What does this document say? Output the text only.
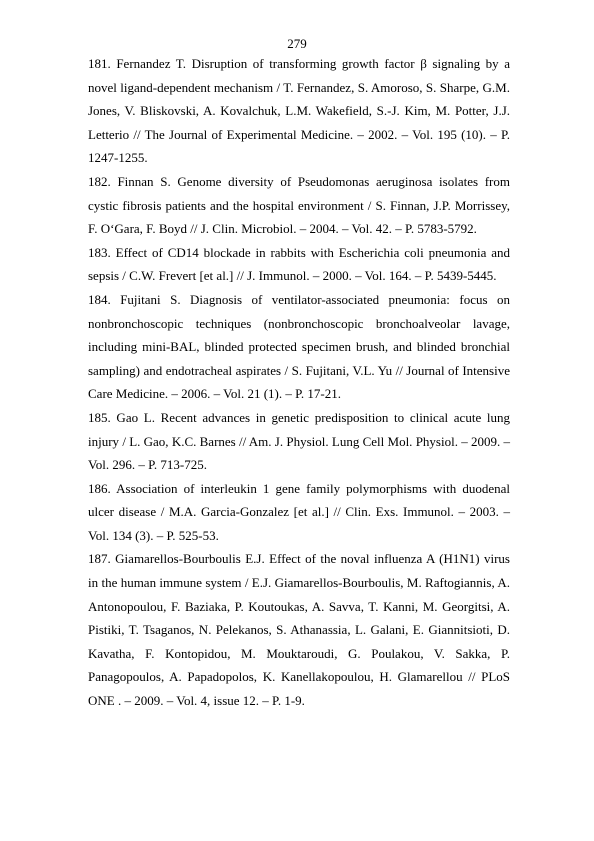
279

181. Fernandez T. Disruption of transforming growth factor β signaling by a novel ligand-dependent mechanism / T. Fernandez, S. Amoroso, S. Sharpe, G.M. Jones, V. Bliskovski, A. Kovalchuk, L.M. Wakefield, S.-J. Kim, M. Potter, J.J. Letterio // The Journal of Experimental Medicine. – 2002. – Vol. 195 (10). – P. 1247-1255.

182. Finnan S. Genome diversity of Pseudomonas aeruginosa isolates from cystic fibrosis patients and the hospital environment / S. Finnan, J.P. Morrissey, F. O‘Gara, F. Boyd // J. Clin. Microbiol. – 2004. – Vol. 42. – P. 5783-5792.

183. Effect of CD14 blockade in rabbits with Escherichia coli pneumonia and sepsis / C.W. Frevert [et al.] // J. Immunol. – 2000. – Vol. 164. – P. 5439-5445.

184. Fujitani S. Diagnosis of ventilator-associated pneumonia: focus on nonbronchoscopic techniques (nonbronchoscopic bronchoalveolar lavage, including mini-BAL, blinded protected specimen brush, and blinded bronchial sampling) and endotracheal aspirates / S. Fujitani, V.L. Yu // Journal of Intensive Care Medicine. – 2006. – Vol. 21 (1). – P. 17-21.

185. Gao L. Recent advances in genetic predisposition to clinical acute lung injury / L. Gao, K.C. Barnes // Am. J. Physiol. Lung Cell Mol. Physiol. – 2009. – Vol. 296. – P. 713-725.

186. Association of interleukin 1 gene family polymorphisms with duodenal ulcer disease / M.A. Garcia-Gonzalez [et al.] // Clin. Exs. Immunol. – 2003. – Vol. 134 (3). – P. 525-53.

187. Giamarellos-Bourboulis E.J. Effect of the noval influenza A (H1N1) virus in the human immune system / E.J. Giamarellos-Bourboulis, M. Raftogiannis, A. Antonopoulou, F. Baziaka, P. Koutoukas, A. Savva, T. Kanni, M. Georgitsi, A. Pistiki, T. Tsaganos, N. Pelekanos, S. Athanassia, L. Galani, E. Giannitsioti, D. Kavatha, F. Kontopidou, M. Mouktaroudi, G. Poulakou, V. Sakka, P. Panagopoulos, A. Papadopolos, K. Kanellakopoulou, H. Glamarellou // PLoS ONE . – 2009. – Vol. 4, issue 12. – P. 1-9.
